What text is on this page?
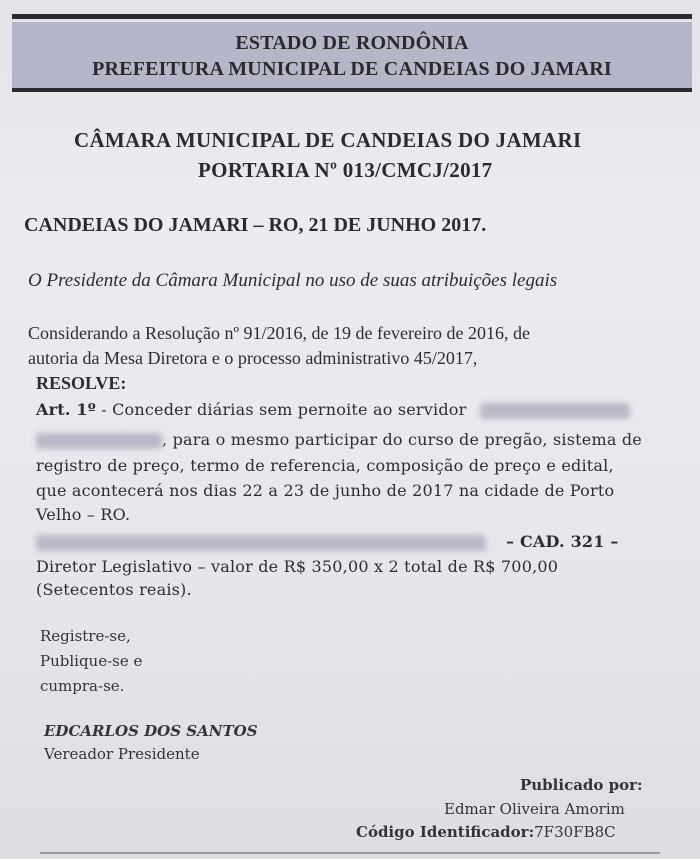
ESTADO DE RONDÔNIA
PREFEITURA MUNICIPAL DE CANDEIAS DO JAMARI
CÂMARA MUNICIPAL DE CANDEIAS DO JAMARI
PORTARIA Nº 013/CMCJ/2017
CANDEIAS DO JAMARI – RO, 21 DE JUNHO 2017.
O Presidente da Câmara Municipal no uso de suas atribuições legais
Considerando a Resolução nº 91/2016, de 19 de fevereiro de 2016, de
autoria da Mesa Diretora e o processo administrativo 45/2017,
RESOLVE:
Art. 1º - Conceder diárias sem pernoite ao servidor
, para o mesmo participar do curso de pregão, sistema de
registro de preço, termo de referencia, composição de preço e edital,
que acontecerá nos dias 22 a 23 de junho de 2017 na cidade de Porto
Velho – RO.
– CAD. 321 –
Diretor Legislativo – valor de R$ 350,00 x 2 total de R$ 700,00
(Setecentos reais).
Registre-se,
Publique-se e
cumpra-se.
EDCARLOS DOS SANTOS
Vereador Presidente
Publicado por:
Edmar Oliveira Amorim
Código Identificador:7F30FB8C
